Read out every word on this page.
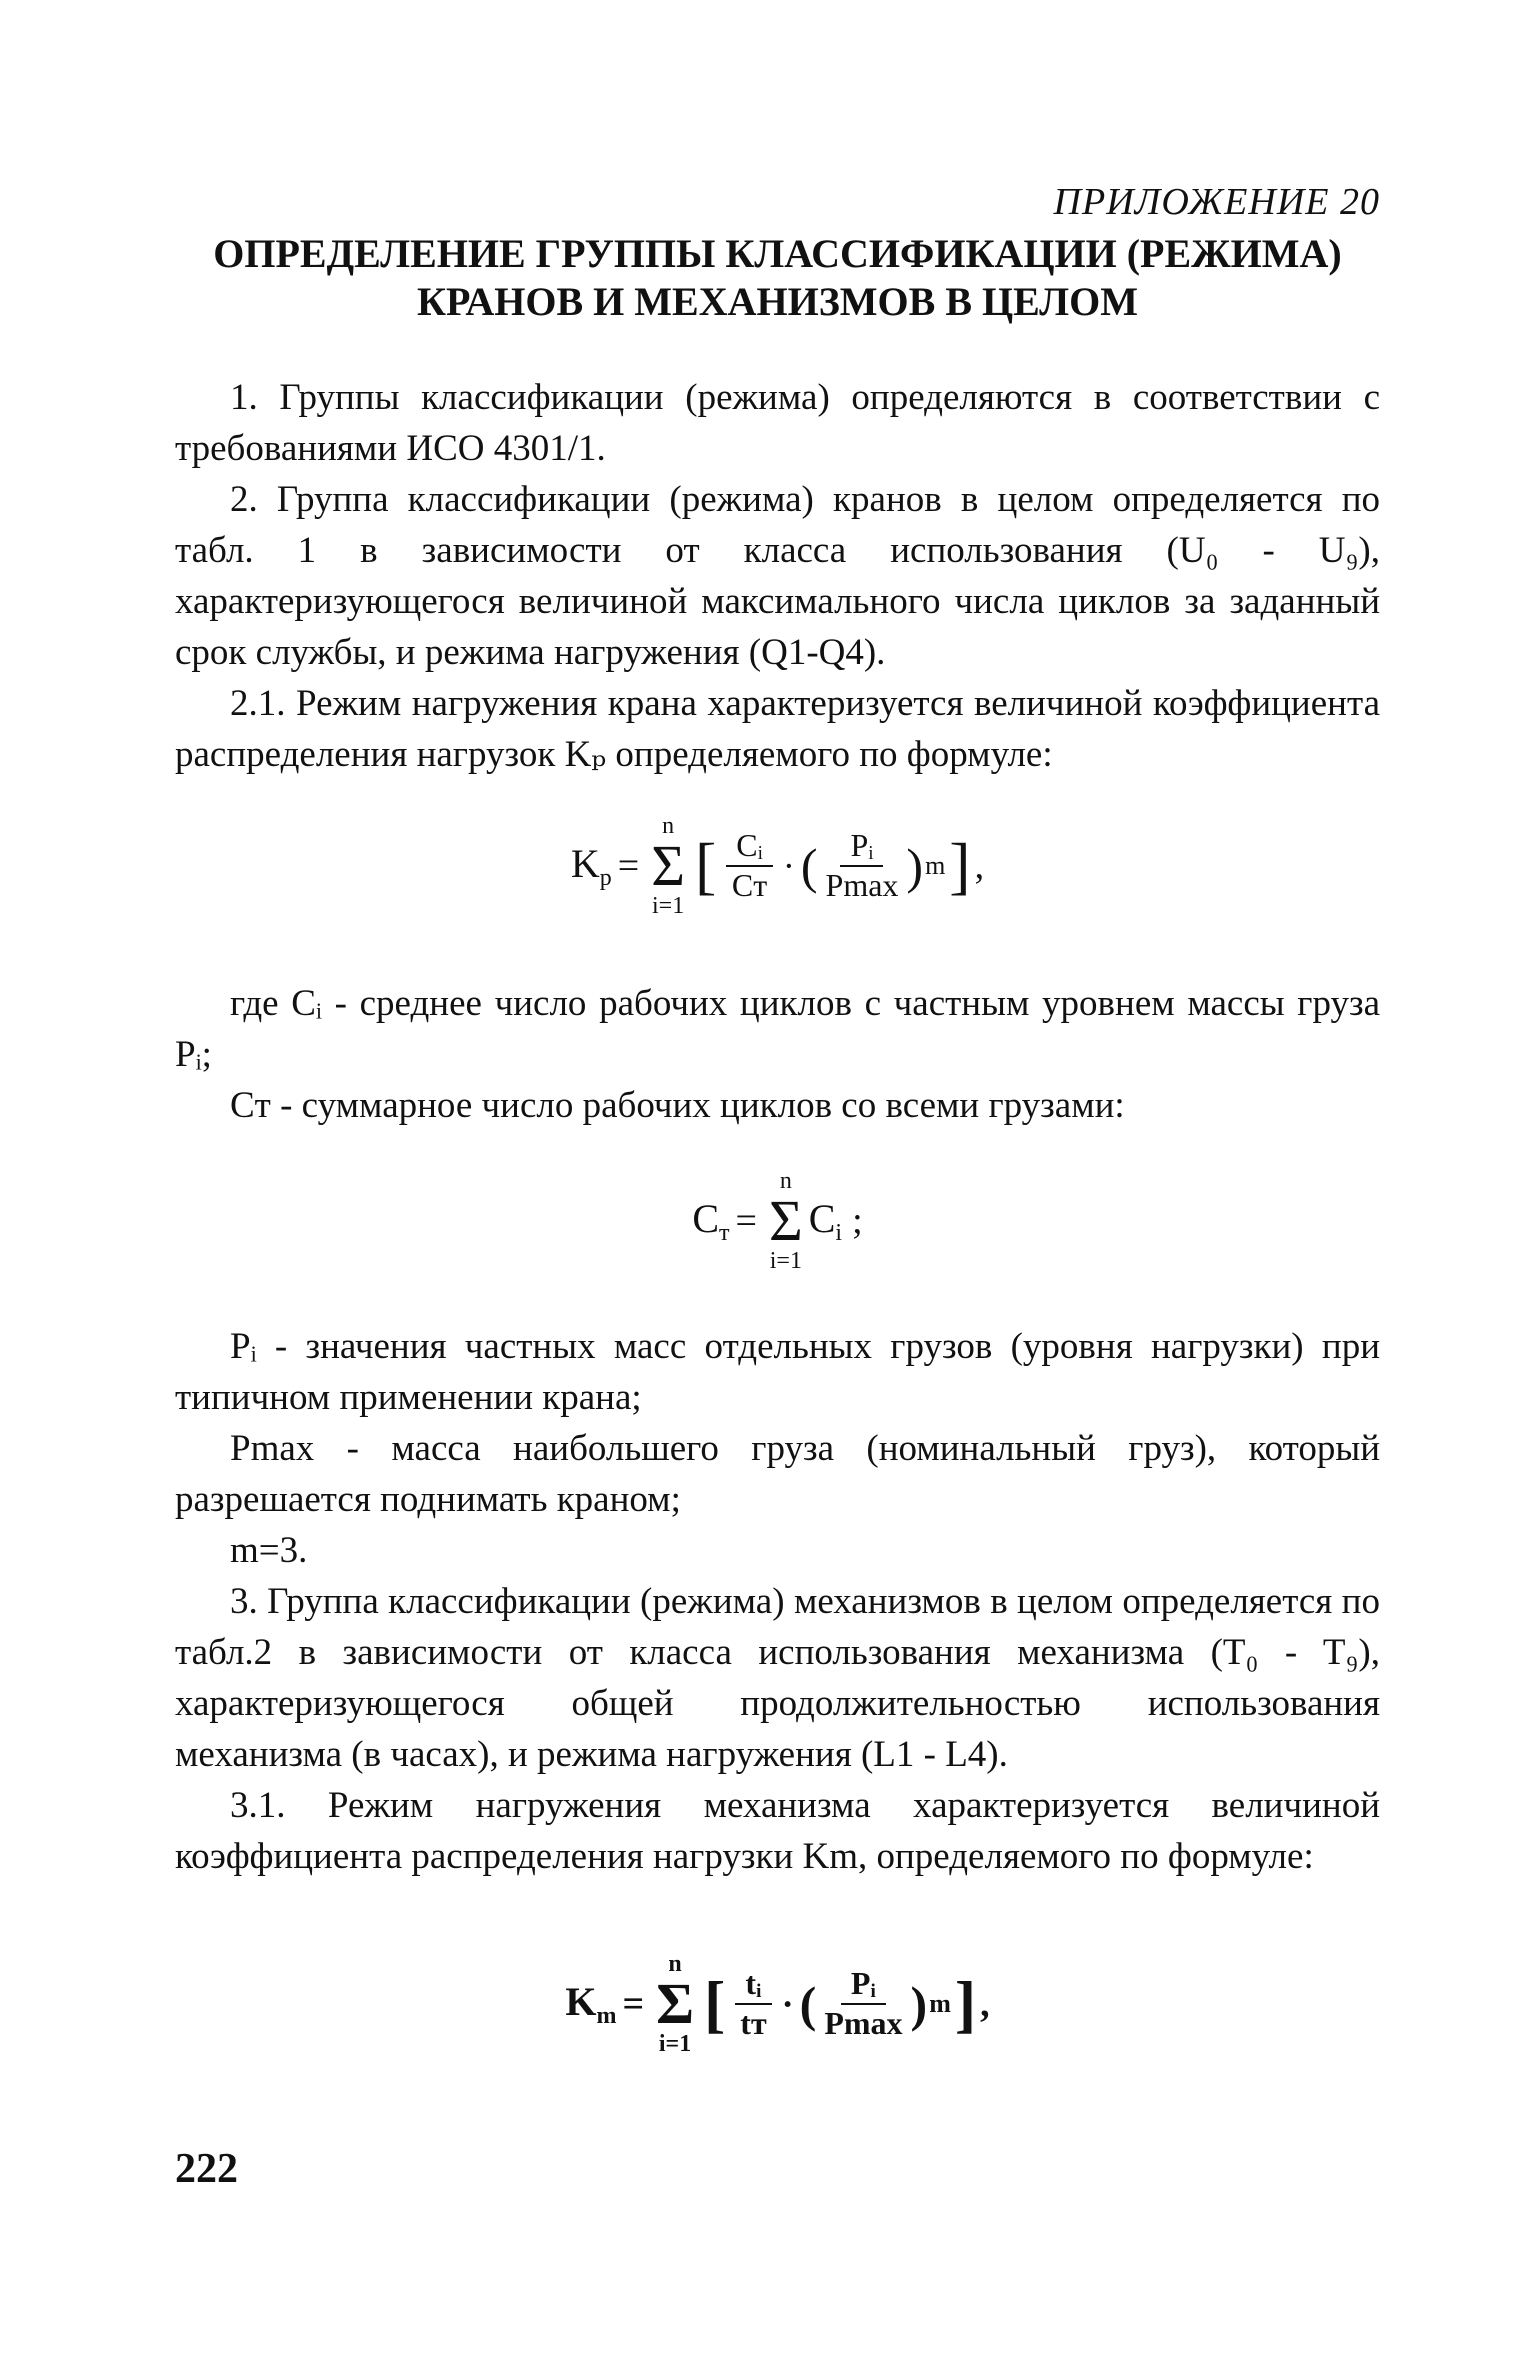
ПРИЛОЖЕНИЕ 20

ОПРЕДЕЛЕНИЕ ГРУППЫ КЛАССИФИКАЦИИ (РЕЖИМА)
КРАНОВ И МЕХАНИЗМОВ В ЦЕЛОМ

1. Группы классификации (режима) определяются в соответствии с требованиями ИСО 4301/1.

2. Группа классификации (режима) кранов в целом определяется по табл. 1 в зависимости от класса использования (U₀ - U₉), характеризующегося величиной максимального числа циклов за заданный срок службы, и режима нагружения (Q1-Q4).

2.1. Режим нагружения крана характеризуется величиной коэффициента распределения нагрузок Kₚ определяемого по формуле:

$K_p$ =
n
Σ
i=1
[ $\frac{\text{Cᵢ}}{Cт}$ · ( $\frac{\text{Pᵢ}}{Pmax}$ ) m ] ,

где Cᵢ - среднее число рабочих циклов с частным уровнем массы груза Pᵢ;

Cт - суммарное число рабочих циклов со всеми грузами:

$C_т$ =
n
Σ
i=1
$C_i$ ;

Pᵢ - значения частных масс отдельных грузов (уровня нагрузки) при типичном применении крана;

Pmax - масса наибольшего груза (номинальный груз), который разрешается поднимать краном;

m=3.

3. Группа классификации (режима) механизмов в целом определяется по табл.2 в зависимости от класса использования механизма (T₀ - T₉), характеризующегося общей продолжительностью использования механизма (в часах), и режима нагружения (L1 - L4).

3.1. Режим нагружения механизма характеризуется величиной коэффициента распределения нагрузки Km, определяемого по формуле:

$K_m$ =
n
Σ
i=1
[ $\frac{\text{tᵢ}}{tт}$ · ( $\frac{\text{Pᵢ}}{Pmax}$ ) m ] ,
222
